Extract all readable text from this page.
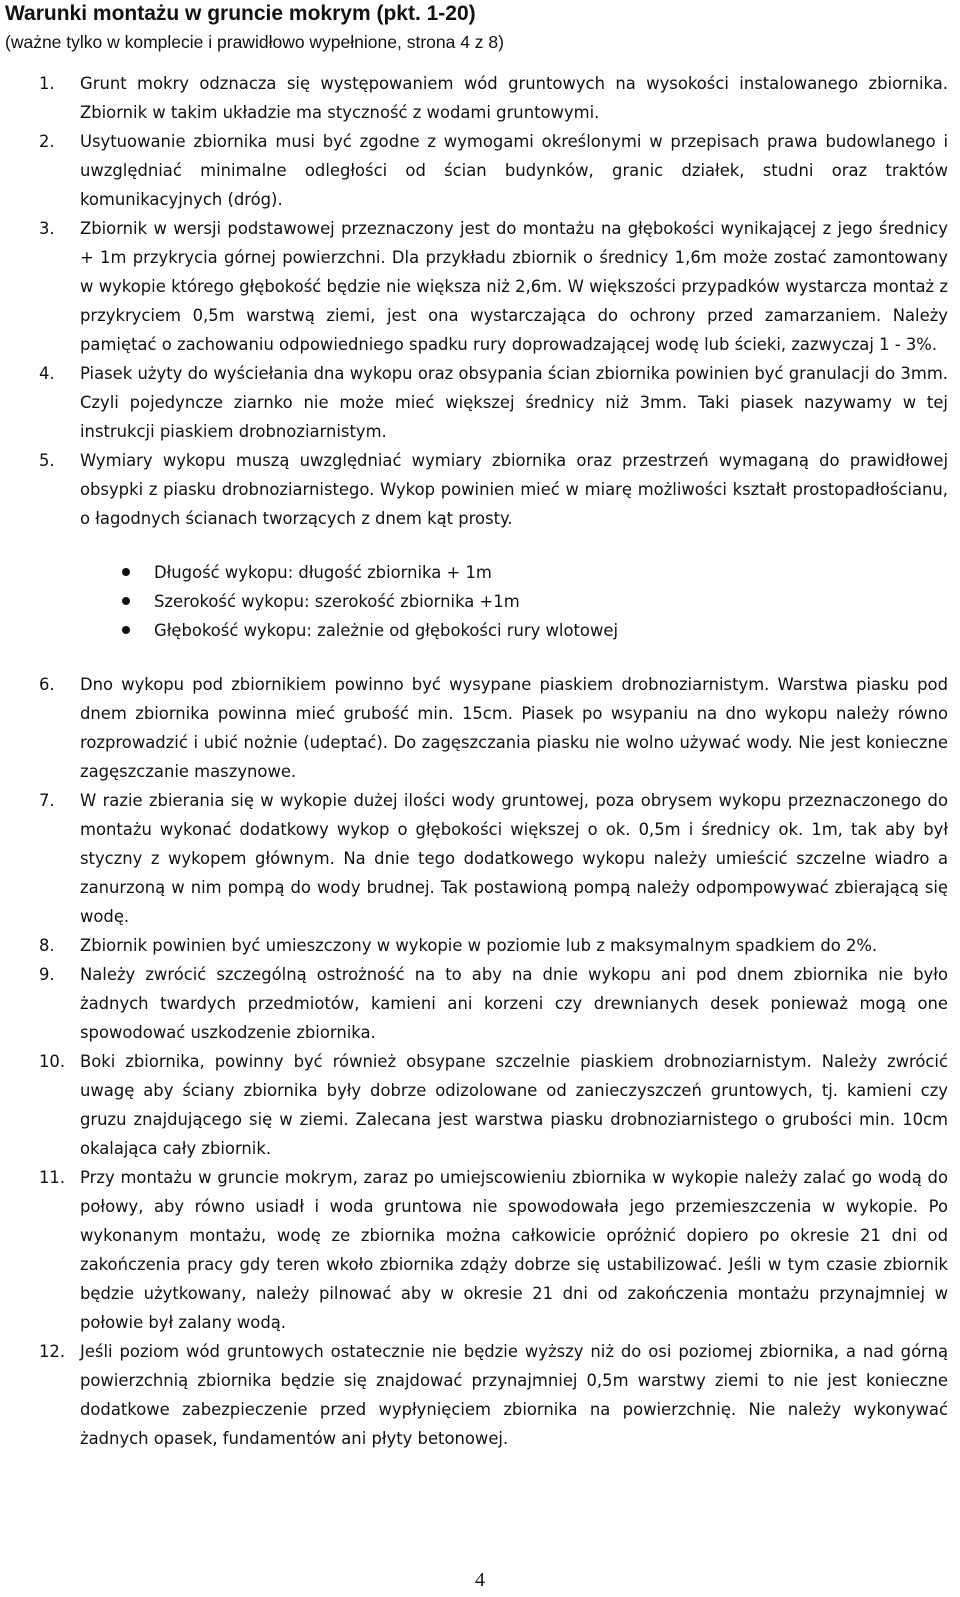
Warunki montażu w gruncie mokrym (pkt. 1-20)

(ważne tylko w komplecie i prawidłowo wypełnione, strona 4 z 8)

1. Grunt mokry odznacza się występowaniem wód gruntowych na wysokości instalowanego zbiornika. Zbiornik w takim układzie ma styczność z wodami gruntowymi.
2. Usytuowanie zbiornika musi być zgodne z wymogami określonymi w przepisach prawa budowlanego i uwzględniać minimalne odległości od ścian budynków, granic działek, studni oraz traktów komunikacyjnych (dróg).
3. Zbiornik w wersji podstawowej przeznaczony jest do montażu na głębokości wynikającej z jego średnicy + 1m przykrycia górnej powierzchni. Dla przykładu zbiornik o średnicy 1,6m może zostać zamontowany w wykopie którego głębokość będzie nie większa niż 2,6m. W większości przypadków wystarcza montaż z przykryciem 0,5m warstwą ziemi, jest ona wystarczająca do ochrony przed zamarzaniem. Należy pamiętać o zachowaniu odpowiedniego spadku rury doprowadzającej wodę lub ścieki, zazwyczaj 1 - 3%.
4. Piasek użyty do wyściełania dna wykopu oraz obsypania ścian zbiornika powinien być granulacji do 3mm. Czyli pojedyncze ziarnko nie może mieć większej średnicy niż 3mm. Taki piasek nazywamy w tej instrukcji piaskiem drobnoziarnistym.
5. Wymiary wykopu muszą uwzględniać wymiary zbiornika oraz przestrzeń wymaganą do prawidłowej obsypki z piasku drobnoziarnistego. Wykop powinien mieć w miarę możliwości kształt prostopadłościanu, o łagodnych ścianach tworzących z dnem kąt prosty.
Długość wykopu: długość zbiornika + 1m
Szerokość wykopu: szerokość zbiornika +1m
Głębokość wykopu: zależnie od głębokości rury wlotowej
6. Dno wykopu pod zbiornikiem powinno być wysypane piaskiem drobnoziarnistym. Warstwa piasku pod dnem zbiornika powinna mieć grubość min. 15cm. Piasek po wsypaniu na dno wykopu należy równo rozprowadzić i ubić nożnie (udeptać). Do zagęszczania piasku nie wolno używać wody. Nie jest konieczne zagęszczanie maszynowe.
7. W razie zbierania się w wykopie dużej ilości wody gruntowej, poza obrysem wykopu przeznaczonego do montażu wykonać dodatkowy wykop o głębokości większej o ok. 0,5m i średnicy ok. 1m, tak aby był styczny z wykopem głównym. Na dnie tego dodatkowego wykopu należy umieścić szczelne wiadro a zanurzoną w nim pompą do wody brudnej. Tak postawioną pompą należy odpompowywać zbierającą się wodę.
8. Zbiornik powinien być umieszczony w wykopie w poziomie lub z maksymalnym spadkiem do 2%.
9. Należy zwrócić szczególną ostrożność na to aby na dnie wykopu ani pod dnem zbiornika nie było żadnych twardych przedmiotów, kamieni ani korzeni czy drewnianych desek ponieważ mogą one spowodować uszkodzenie zbiornika.
10. Boki zbiornika, powinny być również obsypane szczelnie piaskiem drobnoziarnistym. Należy zwrócić uwagę aby ściany zbiornika były dobrze odizolowane od zanieczyszczeń gruntowych, tj. kamieni czy gruzu znajdującego się w ziemi. Zalecana jest warstwa piasku drobnoziarnistego o grubości min. 10cm okalająca cały zbiornik.
11. Przy montażu w gruncie mokrym, zaraz po umiejscowieniu zbiornika w wykopie należy zalać go wodą do połowy, aby równo usiadł i woda gruntowa nie spowodowała jego przemieszczenia w wykopie. Po wykonanym montażu, wodę ze zbiornika można całkowicie opróżnić dopiero po okresie 21 dni od zakończenia pracy gdy teren wkoło zbiornika zdąży dobrze się ustabilizować. Jeśli w tym czasie zbiornik będzie użytkowany, należy pilnować aby w okresie 21 dni od zakończenia montażu przynajmniej w połowie był zalany wodą.
12. Jeśli poziom wód gruntowych ostatecznie nie będzie wyższy niż do osi poziomej zbiornika, a nad górną powierzchnią zbiornika będzie się znajdować przynajmniej 0,5m warstwy ziemi to nie jest konieczne dodatkowe zabezpieczenie przed wypłynięciem zbiornika na powierzchnię. Nie należy wykonywać żadnych opasek, fundamentów ani płyty betonowej.
4
